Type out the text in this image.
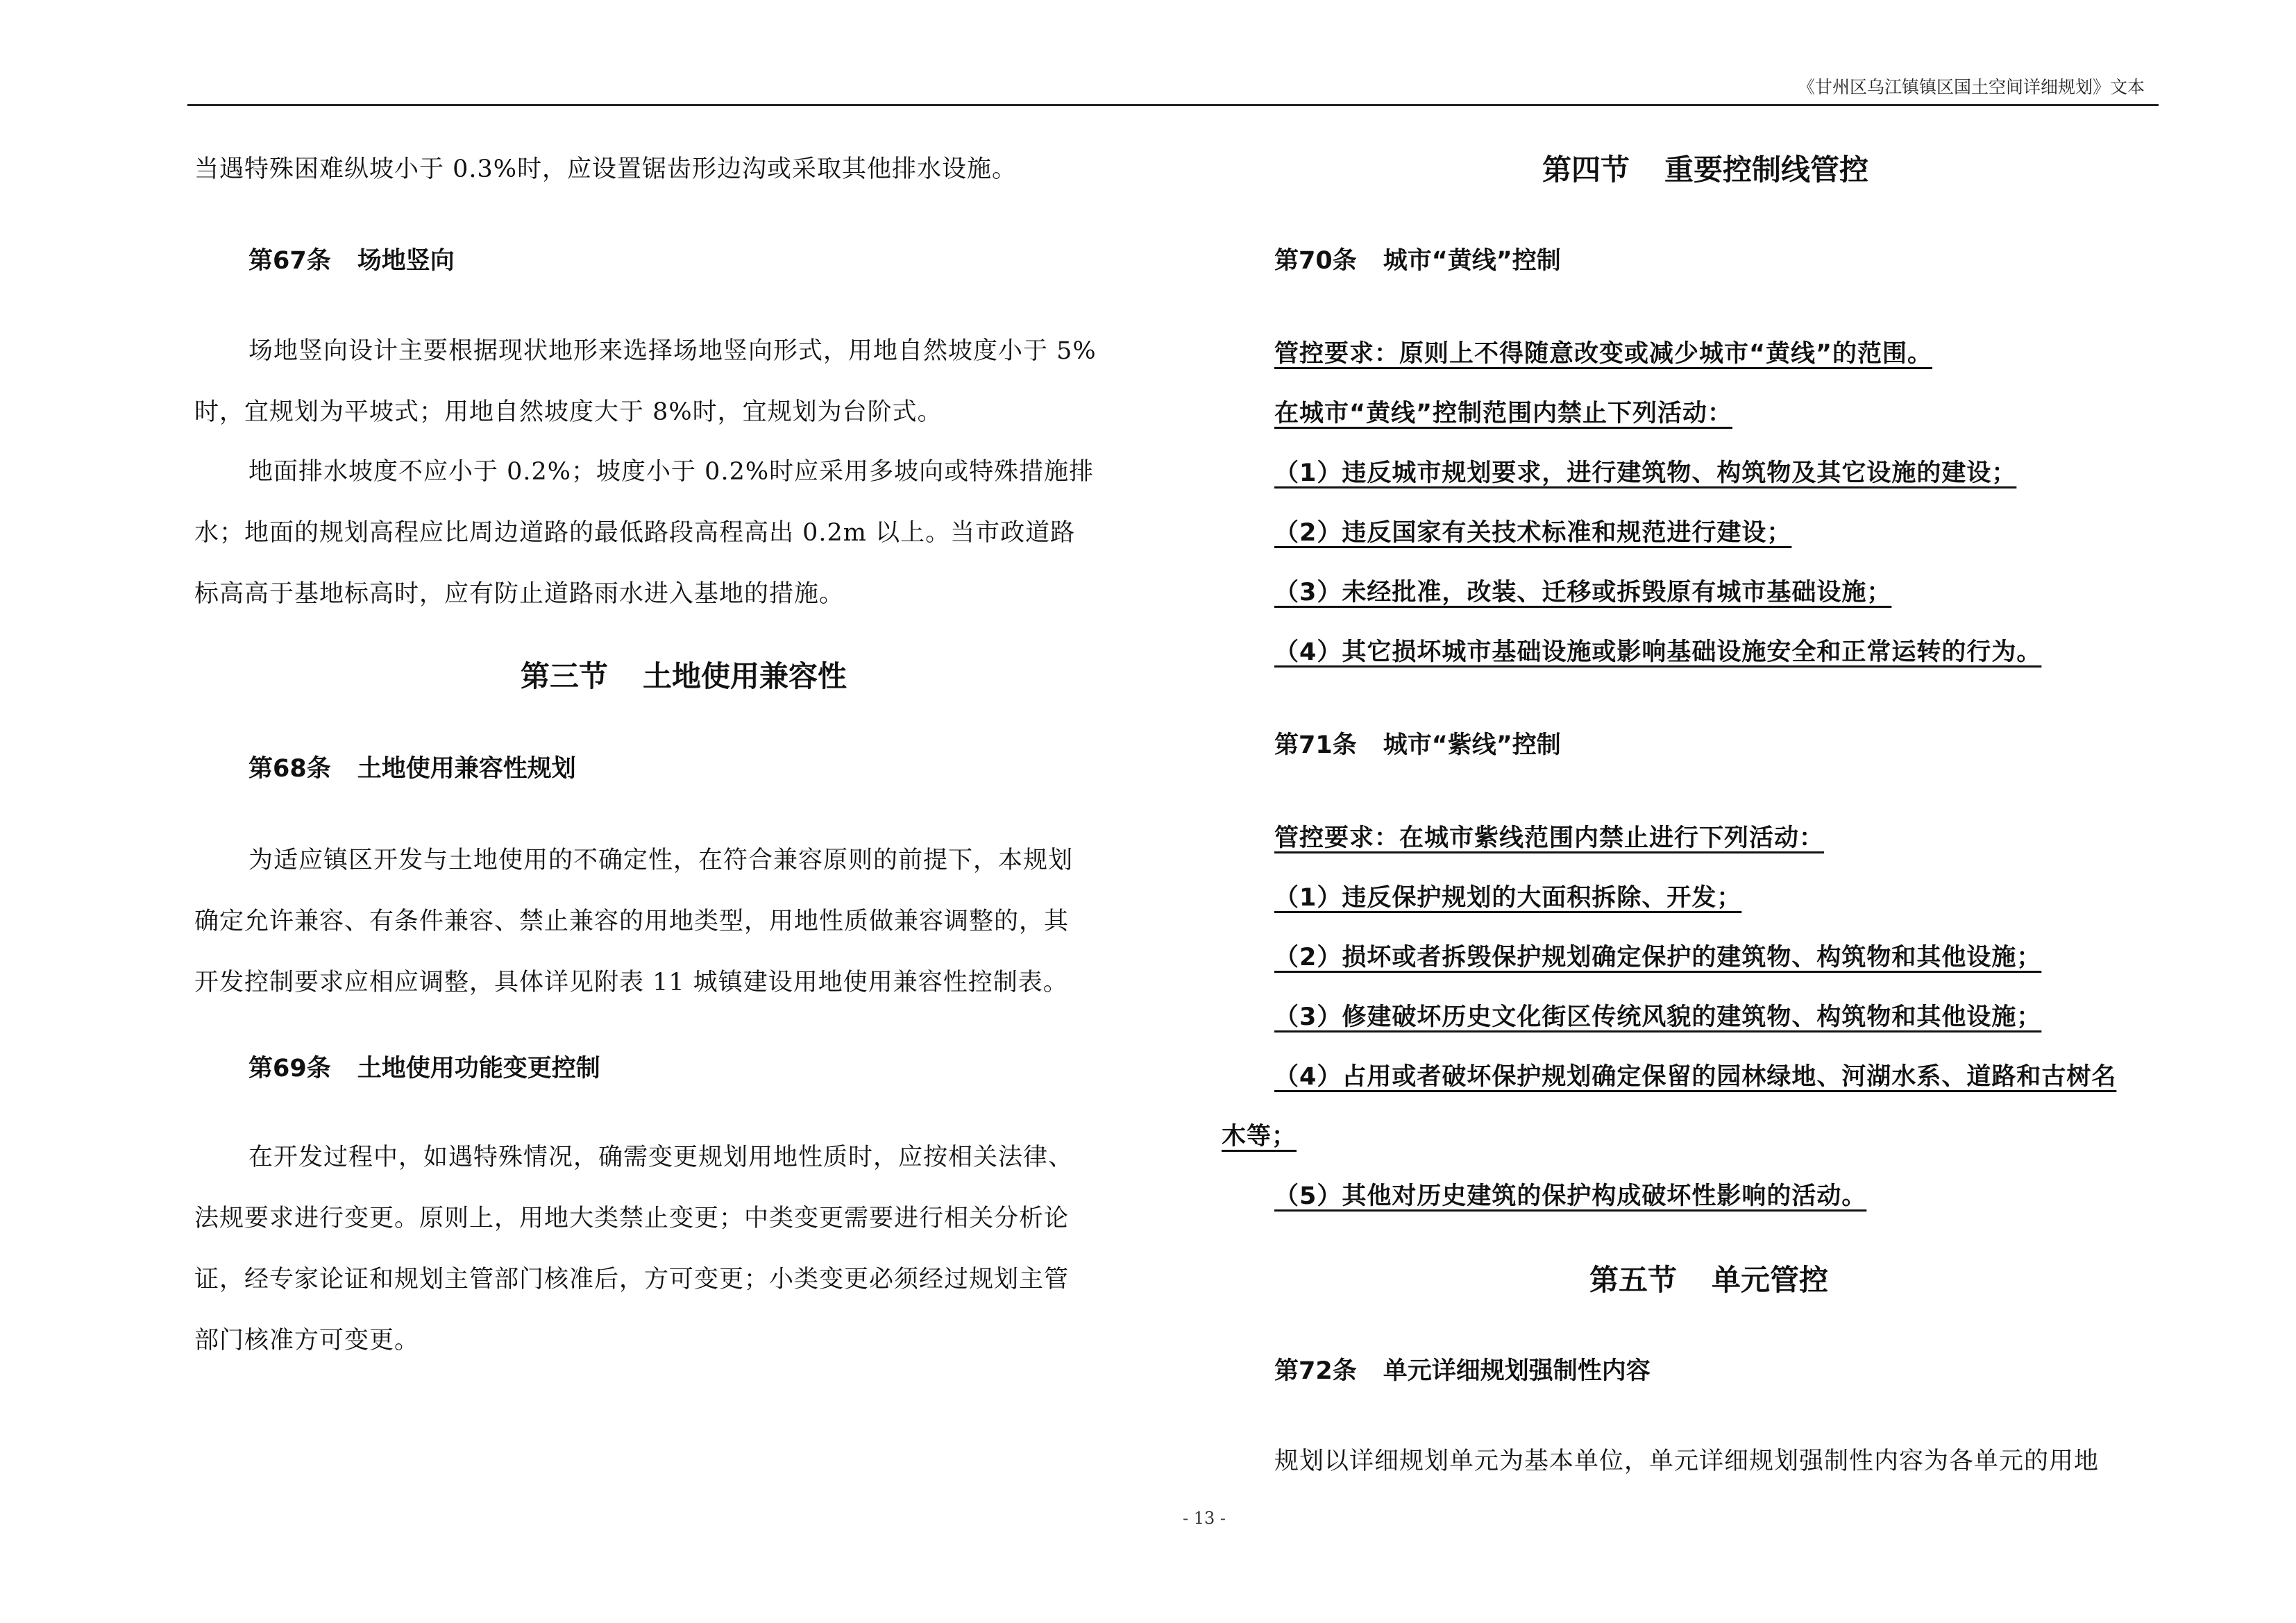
《甘州区乌江镇镇区国土空间详细规划》文本
当遇特殊困难纵坡小于 0.3%时，应设置锯齿形边沟或采取其他排水设施。
第67条 场地竖向
场地竖向设计主要根据现状地形来选择场地竖向形式，用地自然坡度小于 5%
时，宜规划为平坡式；用地自然坡度大于 8%时，宜规划为台阶式。
地面排水坡度不应小于 0.2%；坡度小于 0.2%时应采用多坡向或特殊措施排
水；地面的规划高程应比周边道路的最低路段高程高出 0.2m 以上。当市政道路
标高高于基地标高时，应有防止道路雨水进入基地的措施。
第三节 土地使用兼容性
第68条 土地使用兼容性规划
为适应镇区开发与土地使用的不确定性，在符合兼容原则的前提下，本规划
确定允许兼容、有条件兼容、禁止兼容的用地类型，用地性质做兼容调整的，其
开发控制要求应相应调整，具体详见附表 11 城镇建设用地使用兼容性控制表。
第69条 土地使用功能变更控制
在开发过程中，如遇特殊情况，确需变更规划用地性质时，应按相关法律、
法规要求进行变更。原则上，用地大类禁止变更；中类变更需要进行相关分析论
证，经专家论证和规划主管部门核准后，方可变更；小类变更必须经过规划主管
部门核准方可变更。
第四节 重要控制线管控
第70条 城市“黄线”控制
管控要求：原则上不得随意改变或减少城市“黄线”的范围。
在城市“黄线”控制范围内禁止下列活动：
（1）违反城市规划要求，进行建筑物、构筑物及其它设施的建设；
（2）违反国家有关技术标准和规范进行建设；
（3）未经批准，改装、迁移或拆毁原有城市基础设施；
（4）其它损坏城市基础设施或影响基础设施安全和正常运转的行为。
第71条 城市“紫线”控制
管控要求：在城市紫线范围内禁止进行下列活动：
（1）违反保护规划的大面积拆除、开发；
（2）损坏或者拆毁保护规划确定保护的建筑物、构筑物和其他设施；
（3）修建破坏历史文化街区传统风貌的建筑物、构筑物和其他设施；
（4）占用或者破坏保护规划确定保留的园林绿地、河湖水系、道路和古树名
木等；
（5）其他对历史建筑的保护构成破坏性影响的活动。
第五节 单元管控
第72条 单元详细规划强制性内容
规划以详细规划单元为基本单位，单元详细规划强制性内容为各单元的用地
- 13 -
